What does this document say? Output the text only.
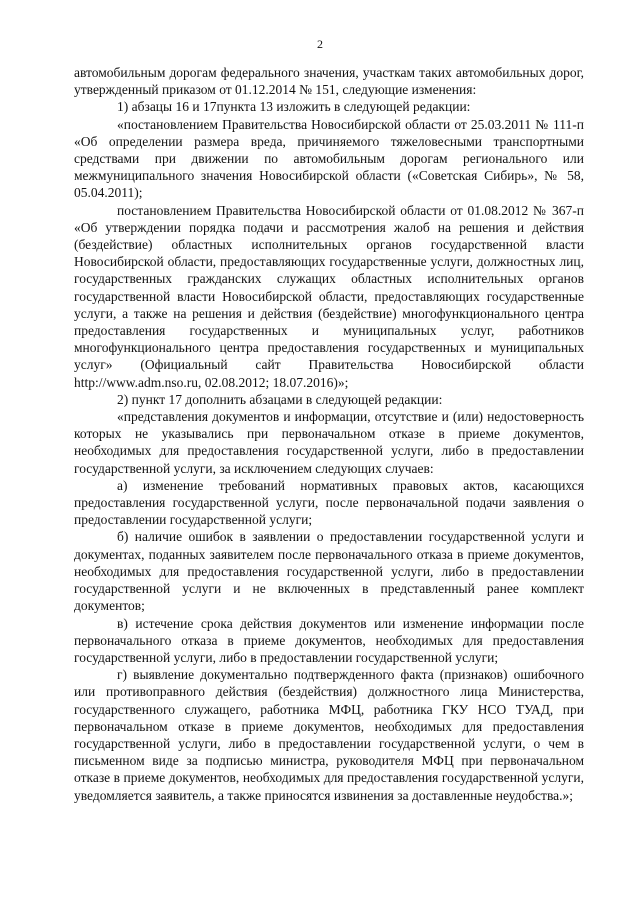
2

автомобильным дорогам федерального значения, участкам таких автомобильных дорог, утвержденный приказом от 01.12.2014 № 151, следующие изменения:

1) абзацы 16 и 17пункта 13 изложить в следующей редакции:

«постановлением Правительства Новосибирской области от 25.03.2011 № 111-п «Об определении размера вреда, причиняемого тяжеловесными транспортными средствами при движении по автомобильным дорогам регионального или межмуниципального значения Новосибирской области («Советская Сибирь», № 58, 05.04.2011);

постановлением Правительства Новосибирской области от 01.08.2012 № 367-п «Об утверждении порядка подачи и рассмотрения жалоб на решения и действия (бездействие) областных исполнительных органов государственной власти Новосибирской области, предоставляющих государственные услуги, должностных лиц, государственных гражданских служащих областных исполнительных органов государственной власти Новосибирской области, предоставляющих государственные услуги, а также на решения и действия (бездействие) многофункционального центра предоставления государственных и муниципальных услуг, работников многофункционального центра предоставления государственных и муниципальных услуг» (Официальный сайт Правительства Новосибирской области http://www.adm.nso.ru, 02.08.2012; 18.07.2016)»;

2) пункт 17 дополнить абзацами в следующей редакции:

«представления документов и информации, отсутствие и (или) недостоверность которых не указывались при первоначальном отказе в приеме документов, необходимых для предоставления государственной услуги, либо в предоставлении государственной услуги, за исключением следующих случаев:

а) изменение требований нормативных правовых актов, касающихся предоставления государственной услуги, после первоначальной подачи заявления о предоставлении государственной услуги;

б) наличие ошибок в заявлении о предоставлении государственной услуги и документах, поданных заявителем после первоначального отказа в приеме документов, необходимых для предоставления государственной услуги, либо в предоставлении государственной услуги и не включенных в представленный ранее комплект документов;

в) истечение срока действия документов или изменение информации после первоначального отказа в приеме документов, необходимых для предоставления государственной услуги, либо в предоставлении государственной услуги;

г) выявление документально подтвержденного факта (признаков) ошибочного или противоправного действия (бездействия) должностного лица Министерства, государственного служащего, работника МФЦ, работника ГКУ НСО ТУАД, при первоначальном отказе в приеме документов, необходимых для предоставления государственной услуги, либо в предоставлении государственной услуги, о чем в письменном виде за подписью министра, руководителя МФЦ при первоначальном отказе в приеме документов, необходимых для предоставления государственной услуги, уведомляется заявитель, а также приносятся извинения за доставленные неудобства.»;
